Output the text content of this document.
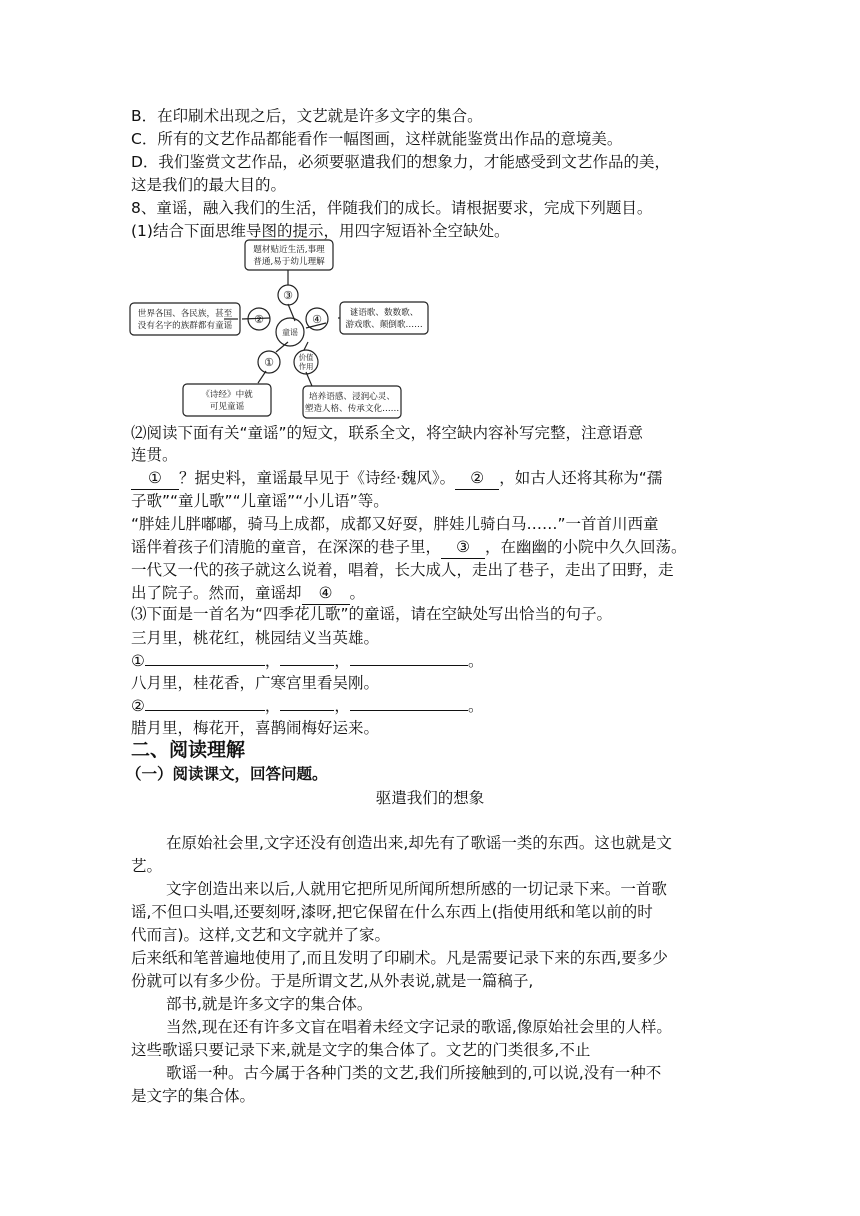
B．在印刷术出现之后，文艺就是许多文字的集合。
C．所有的文艺作品都能看作一幅图画，这样就能鉴赏出作品的意境美。
D．我们鉴赏文艺作品，必须要驱遣我们的想象力，才能感受到文艺作品的美，
这是我们的最大目的。
8、童谣，融入我们的生活，伴随我们的成长。请根据要求，完成下列题目。
(1)结合下面思维导图的提示，用四字短语补全空缺处。
题材贴近生活,事理
普通,易于幼儿理解
世界各国、各民族，甚至
没有名字的族群都有童谣
谜语歌、数数歌、
游戏歌、颠倒歌……
《诗经》中就
可见童谣
培养语感、浸润心灵、
塑造人格、传承文化……
童谣
价值
作用
③
②	④
①
⑵阅读下面有关“童谣”的短文，联系全文，将空缺内容补写完整，注意语意
连贯。
① ？据史料，童谣最早见于《诗经·魏风》。 ② ，如古人还将其称为“孺
子歌”“童儿歌”“儿童谣”“小儿语”等。
“胖娃儿胖嘟嘟，骑马上成都，成都又好耍，胖娃儿骑白马……”一首首川西童
谣伴着孩子们清脆的童音，在深深的巷子里， ③ ，在幽幽的小院中久久回荡。
一代又一代的孩子就这么说着，唱着，长大成人，走出了巷子，走出了田野，走
出了院子。然而，童谣却 ④ 。
⑶下面是一首名为“四季花儿歌”的童谣，请在空缺处写出恰当的句子。
三月里，桃花红，桃园结义当英雄。
①	，	，	。
八月里，桂花香，广寒宫里看吴刚。
②	，	，	。
腊月里，梅花开，喜鹊闹梅好运来。
二、阅读理解
（一）阅读课文，回答问题。
驱遣我们的想象
在原始社会里,文字还没有创造出来,却先有了歌谣一类的东西。这也就是文
艺。
文字创造出来以后,人就用它把所见所闻所想所感的一切记录下来。一首歌
谣,不但口头唱,还要刻呀,漆呀,把它保留在什么东西上(指使用纸和笔以前的时
代而言)。这样,文艺和文字就并了家。
后来纸和笔普遍地使用了,而且发明了印刷术。凡是需要记录下来的东西,要多少
份就可以有多少份。于是所谓文艺,从外表说,就是一篇稿子,
部书,就是许多文字的集合体。
当然,现在还有许多文盲在唱着未经文字记录的歌谣,像原始社会里的人样。
这些歌谣只要记录下来,就是文字的集合体了。文艺的门类很多,不止
歌谣一种。古今属于各种门类的文艺,我们所接触到的,可以说,没有一种不
是文字的集合体。
